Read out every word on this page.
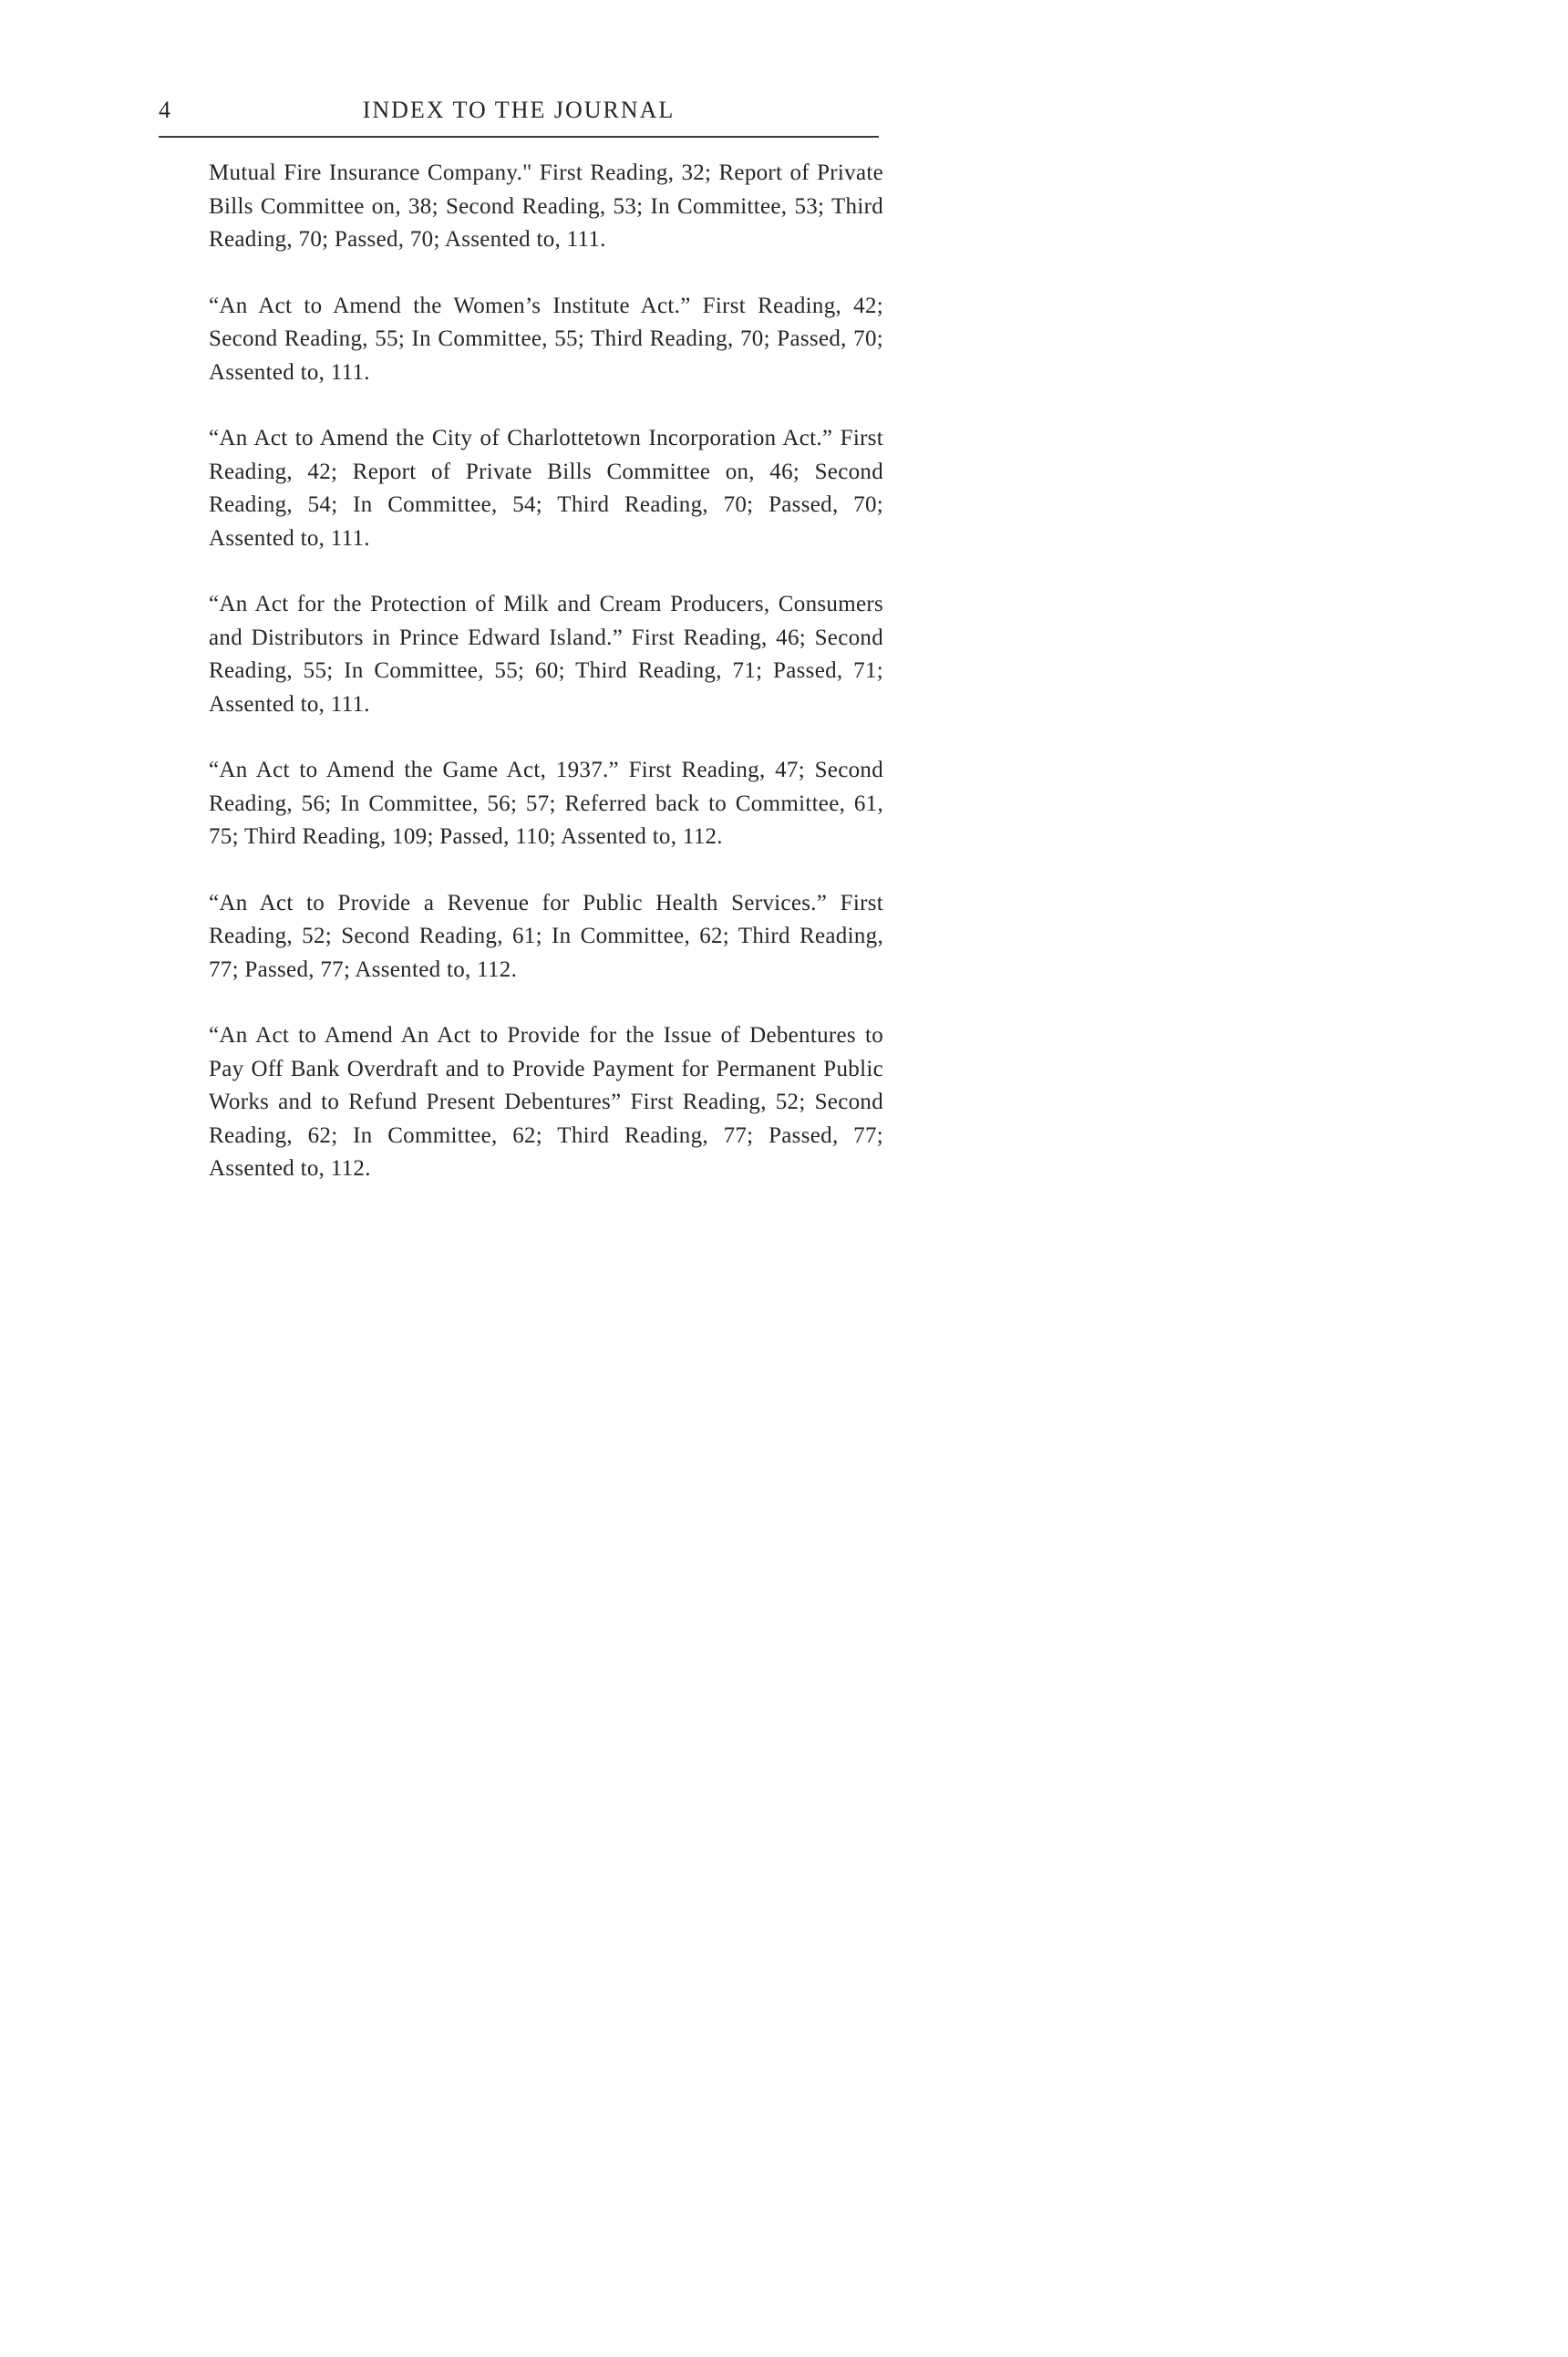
4	INDEX TO THE JOURNAL

Mutual Fire Insurance Company." First Reading, 32; Report of Private Bills Committee on, 38; Second Reading, 53; In Committee, 53; Third Reading, 70; Passed, 70; Assented to, 111.

“An Act to Amend the Women’s Institute Act.” First Reading, 42; Second Reading, 55; In Committee, 55; Third Reading, 70; Passed, 70; Assented to, 111.

“An Act to Amend the City of Charlottetown Incorporation Act.” First Reading, 42; Report of Private Bills Committee on, 46; Second Reading, 54; In Committee, 54; Third Reading, 70; Passed, 70; Assented to, 111.

“An Act for the Protection of Milk and Cream Producers, Consumers and Distributors in Prince Edward Island.” First Reading, 46; Second Reading, 55; In Committee, 55; 60; Third Reading, 71; Passed, 71; Assented to, 111.

“An Act to Amend the Game Act, 1937.” First Reading, 47; Second Reading, 56; In Committee, 56; 57; Referred back to Committee, 61, 75; Third Reading, 109; Passed, 110; Assented to, 112.

“An Act to Provide a Revenue for Public Health Services.” First Reading, 52; Second Reading, 61; In Committee, 62; Third Reading, 77; Passed, 77; Assented to, 112.

“An Act to Amend An Act to Provide for the Issue of Debentures to Pay Off Bank Overdraft and to Provide Payment for Permanent Public Works and to Refund Present Debentures” First Reading, 52; Second Reading, 62; In Committee, 62; Third Reading, 77; Passed, 77; Assented to, 112.
